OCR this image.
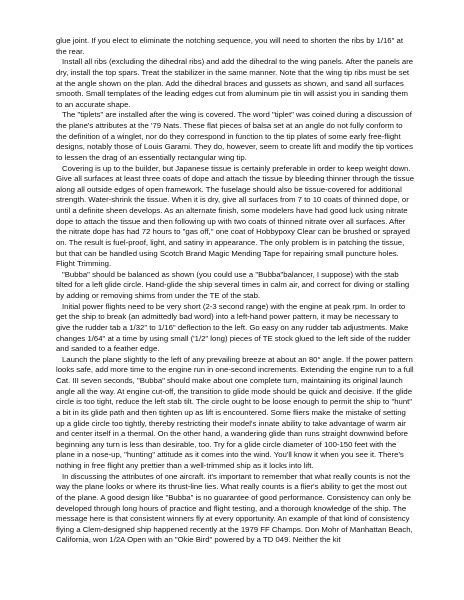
glue joint. If you elect to eliminate the notching sequence, you will need to shorten the ribs by 1/16" at the rear.

Install all ribs (excluding the dihedral ribs) and add the dihedral to the wing panels. After the panels are dry, install the top spars. Treat the stabilizer in the same manner. Note that the wing tip ribs must be set at the angle shown on the plan. Add the dihedral braces and gussets as shown, and sand all surfaces smooth. Small templates of the leading edges cut from aluminum pie tin will assist you in sanding them to an accurate shape.

The "tiplets" are installed after the wing is covered. The word "tiplet" was coined during a discussion of the plane's attributes at the '79 Nats. These flat pieces of balsa set at an angle do not fully conform to the definition of a winglet, nor do they correspond in function to the tip plates of some early free-flight designs, notably those of Louis Garami. They do, however, seem to create lift and modify the tip vortices to lessen the drag of an essentially rectangular wing tip.

Covering is up to the builder, but Japanese tissue is certainly preferable in order to keep weight down. Give all surfaces at least three coats of dope and attach the tissue by bleeding thinner through the tissue along all outside edges of open framework. The fuselage should also be tissue-covered for additional strength. Water-shrink the tissue. When it is dry, give all surfaces from 7 to 10 coats of thinned dope, or until a definite sheen develops. As an alternate finish, some modelers have had good luck using nitrate dope to attach the tissue and then following up with two coats of thinned nitrate over all surfaces. After the nitrate dope has had 72 hours to "gas off," one coat of Hobbypoxy Clear can be brushed or sprayed on. The result is fuel-proof, light, and satiny in appearance. The only problem is in patching the tissue, but that can be handled using Scotch Brand Magic Mending Tape for repairing small puncture holes. Flight Trimming.

"Bubba" should be balanced as shown (you could use a "Bubba"balancer, I suppose) with the stab tilted for a left glide circle. Hand-glide the ship several times in calm air, and correct for diving or stalling by adding or removing shims from under the TE of the stab.

Initial power flights need to be very short (2-3 second range) with the engine at peak rpm. In order to get the ship to break (an admittedly bad word) into a left-hand power pattern, it may be necessary to give the rudder tab a 1/32" to 1/16" deflection to the left. Go easy on any rudder tab adjustments. Make changes 1/64" at a time by using small ('1/2" long) pieces of TE stock glued to the left side of the rudder and sanded to a feather edge.

Launch the plane slightly to the left of any prevailing breeze at about an 80° angle. If the power pattern looks safe, add more time to the engine run in one-second increments. Extending the engine run to a full Cat. III seven seconds, "Bubba" should make about one complete turn, maintaining its original launch angle all the way. At engine cut-off, the transition to glide mode should be quick and decisive. If the glide circle is too tight, reduce the left stab tilt. The circle ought to be loose enough to permit the ship to "hunt" a bit in its glide path and then tighten up as lift is encountered. Some fliers make the mistake of setting up a glide circle too tightly, thereby restricting their model's innate ability to take advantage of warm air and center itself in a thermal. On the other hand, a wandering glide than runs straight downwind before beginning any turn is less than desirable, too. Try for a glide circle diameter of 100-150 feet with the plane in a nose-up, "hunting" attitude as it comes into the wind. You'll know it when you see it. There's nothing in free flight any prettier than a well-trimmed ship as it locks into lift.

In discussing the attributes of one aircraft. it's important to remember that what really counts is not the way the plane looks or where its thrust-line lies. What really counts is a flier's ability to get the most out of the plane. A good design like "Bubba" is no guarantee of good performance. Consistency can only be developed through long hours of practice and flight testing, and a thorough knowledge of the ship. The message here is that consistent winners fly at every opportunity. An example of that kind of consistency flying a Clem-designed ship happened recently at the 1979 FF Champs. Don Mohr of Manhattan Beach, California, won 1/2A Open with an "Okie Bird" powered by a TD 049. Neither the kit
